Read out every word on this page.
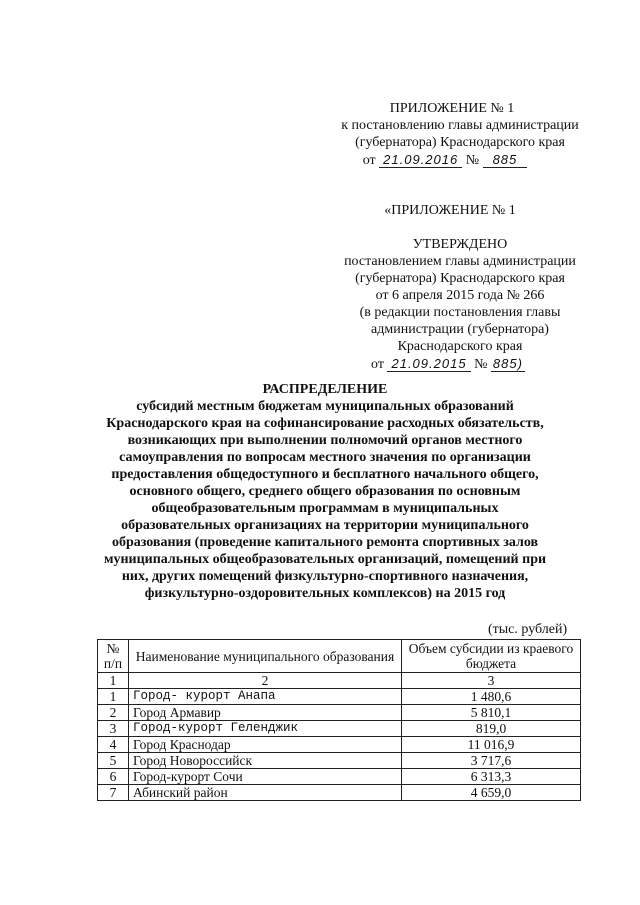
ПРИЛОЖЕНИЕ № 1
к постановлению главы администрации
(губернатора) Краснодарского края
от 21.09.2016 № 885
«ПРИЛОЖЕНИЕ № 1
УТВЕРЖДЕНО
постановлением главы администрации
(губернатора) Краснодарского края
от 6 апреля 2015 года № 266
(в редакции постановления главы
администрации (губернатора)
Краснодарского края
от 21.09.2015 № 885)
РАСПРЕДЕЛЕНИЕ
субсидий местным бюджетам муниципальных образований
Краснодарского края на софинансирование расходных обязательств,
возникающих при выполнении полномочий органов местного
самоуправления по вопросам местного значения по организации
предоставления общедоступного и бесплатного начального общего,
основного общего, среднего общего образования по основным
общеобразовательным программам в муниципальных
образовательных организациях на территории муниципального
образования (проведение капитального ремонта спортивных залов
муниципальных общеобразовательных организаций, помещений при
них, других помещений физкультурно-спортивного назначения,
физкультурно-оздоровительных комплексов) на 2015 год
(тыс. рублей)
№ п/п	Наименование муниципального образования	Объем субсидии из краевого бюджета
1	2	3
1	Город- курорт Анапа	1 480,6
2	Город Армавир	5 810,1
3	Город-курорт Геленджик	819,0
4	Город Краснодар	11 016,9
5	Город Новороссийск	3 717,6
6	Город-курорт Сочи	6 313,3
7	Абинский район	4 659,0
